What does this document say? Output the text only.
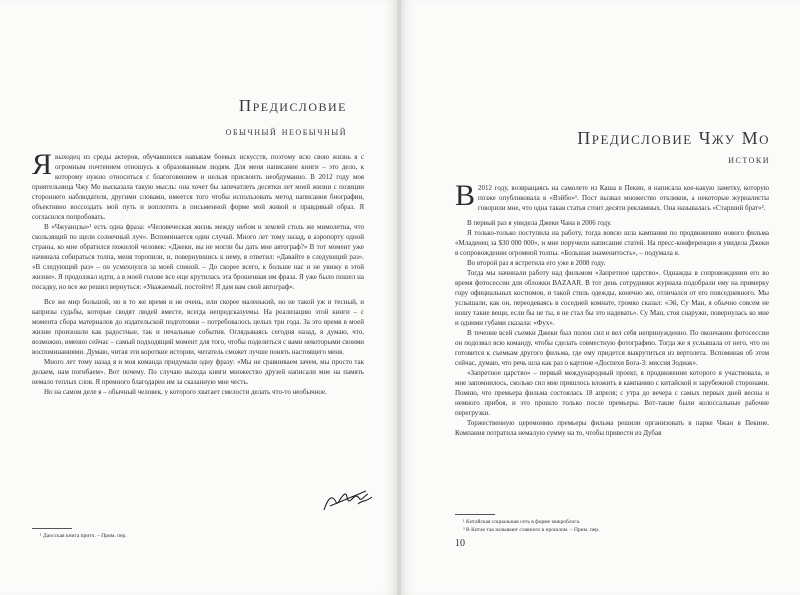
Предисловие
обычный необычный

Явыходец из среды актеров, обучавшихся навыкам боевых искусств, поэтому всю свою жизнь я с огромным почтением отношусь к образованным людям. Для меня написание книги – это дело, к которому нужно относиться с благоговением и нельзя присвоить необдуманно. В 2012 году моя приятельница Чжу Мо высказала такую мысль: она хочет бы запечатлеть десятки лет моей жизни с позиции стороннего наблюдателя, другими словами, имеется того чтобы использовать метод написания биографии, объективно воссоздать мой путь и воплотить в письменной форме мой живой и правдивый образ. Я согласился попробовать.

В «Чжуанцзы»¹ есть одна фраза: «Человеческая жизнь между небом и землей столь же мимолетна, что скользящий по щели солнечный луч». Вспоминается один случай. Много лет тому назад, в аэропорту одной страны, ко мне обратился пожилой человек: «Джеки, вы не могли бы дать мне автограф?» В тот момент уже начинала собираться толпа, меня торопили, и, повернувшись к нему, я ответил: «Давайте в следующий раз». «В следующий раз» – он усмехнулся за моей спиной. – До скорее всего, к больше нас и не увижу в этой жизни». Я продолжал идти, а в моей голове все еще крутилась эта брошенная им фраза. Я уже было пошел на посадку, но все же решил вернуться: «Уважаемый, постойте! Я дам вам свой автограф».

Все же мир большой, но в то же время и не очень, или скорее маленький, но не такой уж и тесный, и капризы судьбы, которые сводят людей вместе, всегда непредсказуемы. На реализацию этой книги – с момента сбора материалов до издательской подготовки – потребовалось целых три года. За это время в моей жизни произошли как радостные, так и печальные события. Оглядываясь сегодня назад, я думаю, что, возможно, именно сейчас – самый подходящий момент для того, чтобы поделиться с вами некоторыми своими воспоминаниями. Думаю, читая эти короткие истории, читатель сможет лучше понять настоящего меня.

Много лет тому назад я и моя команда придумали одну фразу: «Мы не сравниваем зачем, мы просто так делаем, нам погибаем». Вот почему. По случаю выхода книги множество друзей написали мне на память немало теплых слов. Я премного благодарен им за сказанную мне честь.

Но на самом деле я – обычный человек, у которого хватает смелости делать что-то необычное.

¹ Даосская книга притч. – Прим. пер.
Предисловие Чжу Мо
истоки

В 2012 году, возвращаясь на самолете из Каша в Пекин, я написала кое-какую заметку, которую позже опубликовала в «Вэйбо»¹. Пост вызвал множество откликов, а некоторые журналисты говорили мне, что одна такая статья стоит десяти рекламных. Она называлась «Старший брат»².

В первый раз я увидела Джеки Чана в 2006 году.

Я только-только поступила на работу, тогда вовсю шла кампания по продвижению нового фильма «Младенец за $30 000 000», и мне поручили написание статей. На пресс-конференции я увидела Джеки в сопровождении огромной толпы. «Большая знаменитость», – подумала я.

Во второй раз я встретила его уже в 2008 году.

Тогда мы начинали работу над фильмом «Запретное царство». Однажды в сопровождении его во время фотосессии для обложки BAZAAR. В тот день сотрудники журнала подобрали ему на примерку гору официальных костюмов, и такой стиль одежды, конечно же, отличался от его повседневного. Мы услышали, как он, переодеваясь в соседней комнате, громко сказал: «Эй, Су Ман, я обычно совсем не ношу такие вещи, если бы не ты, я не стал бы это надевать». Су Ман, стоя снаружи, повернулась ко мне и одними губами сказала: «Фух».

В течение всей съемки Джеки был полон сил и вел себя непринужденно. По окончании фотосессии он подозвал всю команду, чтобы сделать совместную фотографию. Тогда же я услышала от него, что он готовится к съемкам другого фильма, где ему придется выкрутиться из вертолета. Вспоминая об этом сейчас, думаю, что речь шла как раз о картине «Доспехи Бога-3: миссия Зодиак».

«Запретное царство» – первый международный проект, в продвижении которого я участвовала, и мне запомнилось, сколько сил мне пришлось вложить в кампанию с китайской и зарубежной сторонами. Помню, что премьера фильма состоялась 18 апреля; с утра до вечера с самых первых дней весны и немного прибоя, и это прошло только после премьеры. Вот-такие были колоссальные рабочие перегрузки.

Торжественную церемонию премьеры фильма решили организовать в парке Чжан в Пекине. Компания потратила немалую сумму на то, чтобы привести из Дубая

¹ Китайская социальная сеть в форме микроблога.
² В Китае так называют славного в прошлом. – Прим. пер.
10
